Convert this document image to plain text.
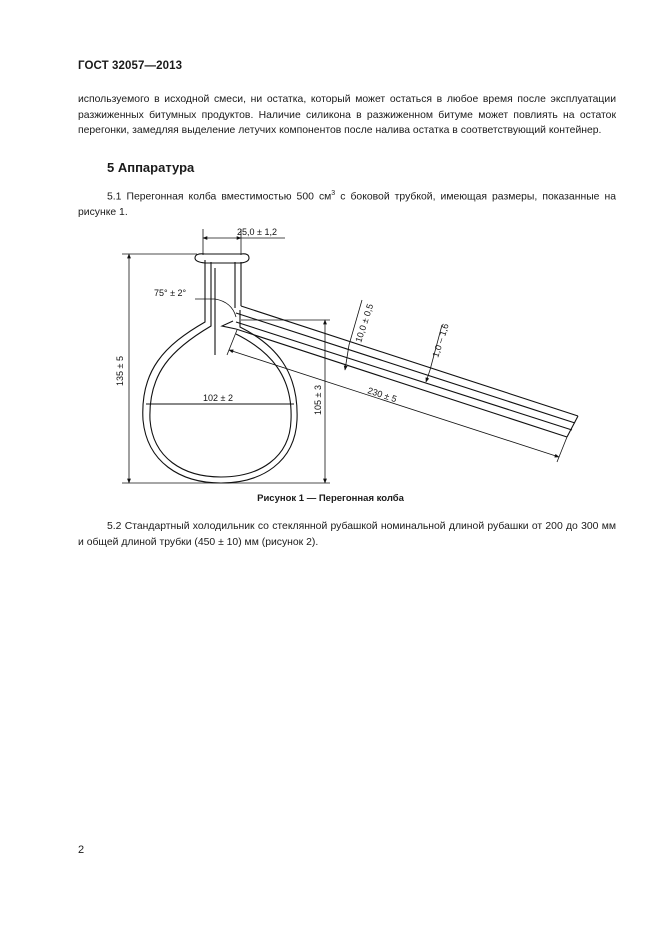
ГОСТ 32057—2013
используемого в исходной смеси, ни остатка, который может остаться в любое время после эксплуатации разжиженных битумных продуктов. Наличие силикона в разжиженном битуме может повлиять на остаток перегонки, замедляя выделение летучих компонентов после налива остатка в соответствующий контейнер.
5 Аппаратура
5.1 Перегонная колба вместимостью 500 $см^3$ с боковой трубкой, имеющая размеры, показанные на рисунке 1.
25,0 ± 1,2
75° ± 2°
135 ± 5
102 ± 2	105 ± 3
10,0 ± 0,5	1,0 – 1,6
230 ± 5
Рисунок 1 — Перегонная колба
5.2 Стандартный холодильник со стеклянной рубашкой номинальной длиной рубашки от 200 до 300 мм и общей длиной трубки (450 ± 10) мм (рисунок 2).
2
